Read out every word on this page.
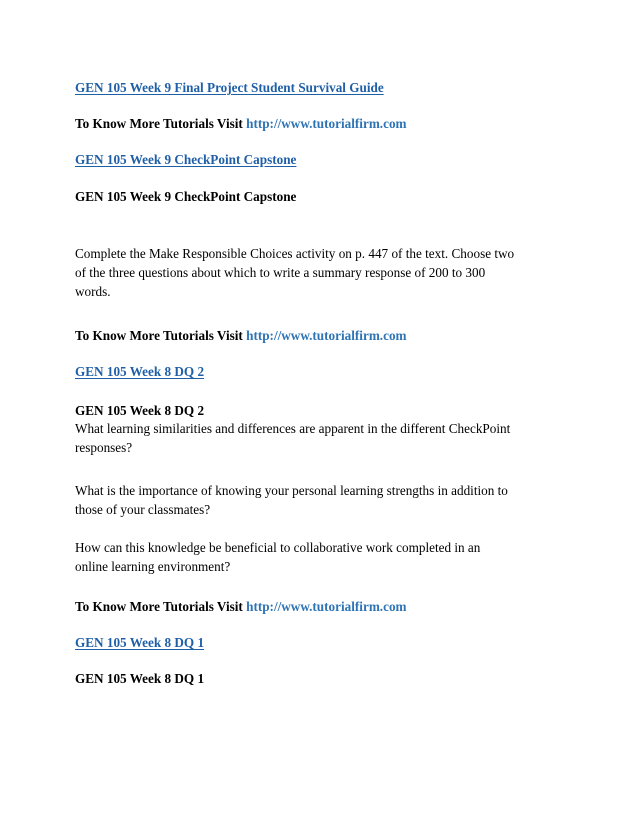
GEN 105 Week 9 Final Project Student Survival Guide
To Know More Tutorials Visit http://www.tutorialfirm.com
GEN 105 Week 9 CheckPoint Capstone
GEN 105 Week 9 CheckPoint Capstone
Complete the Make Responsible Choices activity on p. 447 of the text. Choose two
of the three questions about which to write a summary response of 200 to 300
words.
To Know More Tutorials Visit http://www.tutorialfirm.com
GEN 105 Week 8 DQ 2
GEN 105 Week 8 DQ 2
What learning similarities and differences are apparent in the different CheckPoint
responses?
What is the importance of knowing your personal learning strengths in addition to
those of your classmates?
How can this knowledge be beneficial to collaborative work completed in an
online learning environment?
To Know More Tutorials Visit http://www.tutorialfirm.com
GEN 105 Week 8 DQ 1
GEN 105 Week 8 DQ 1
